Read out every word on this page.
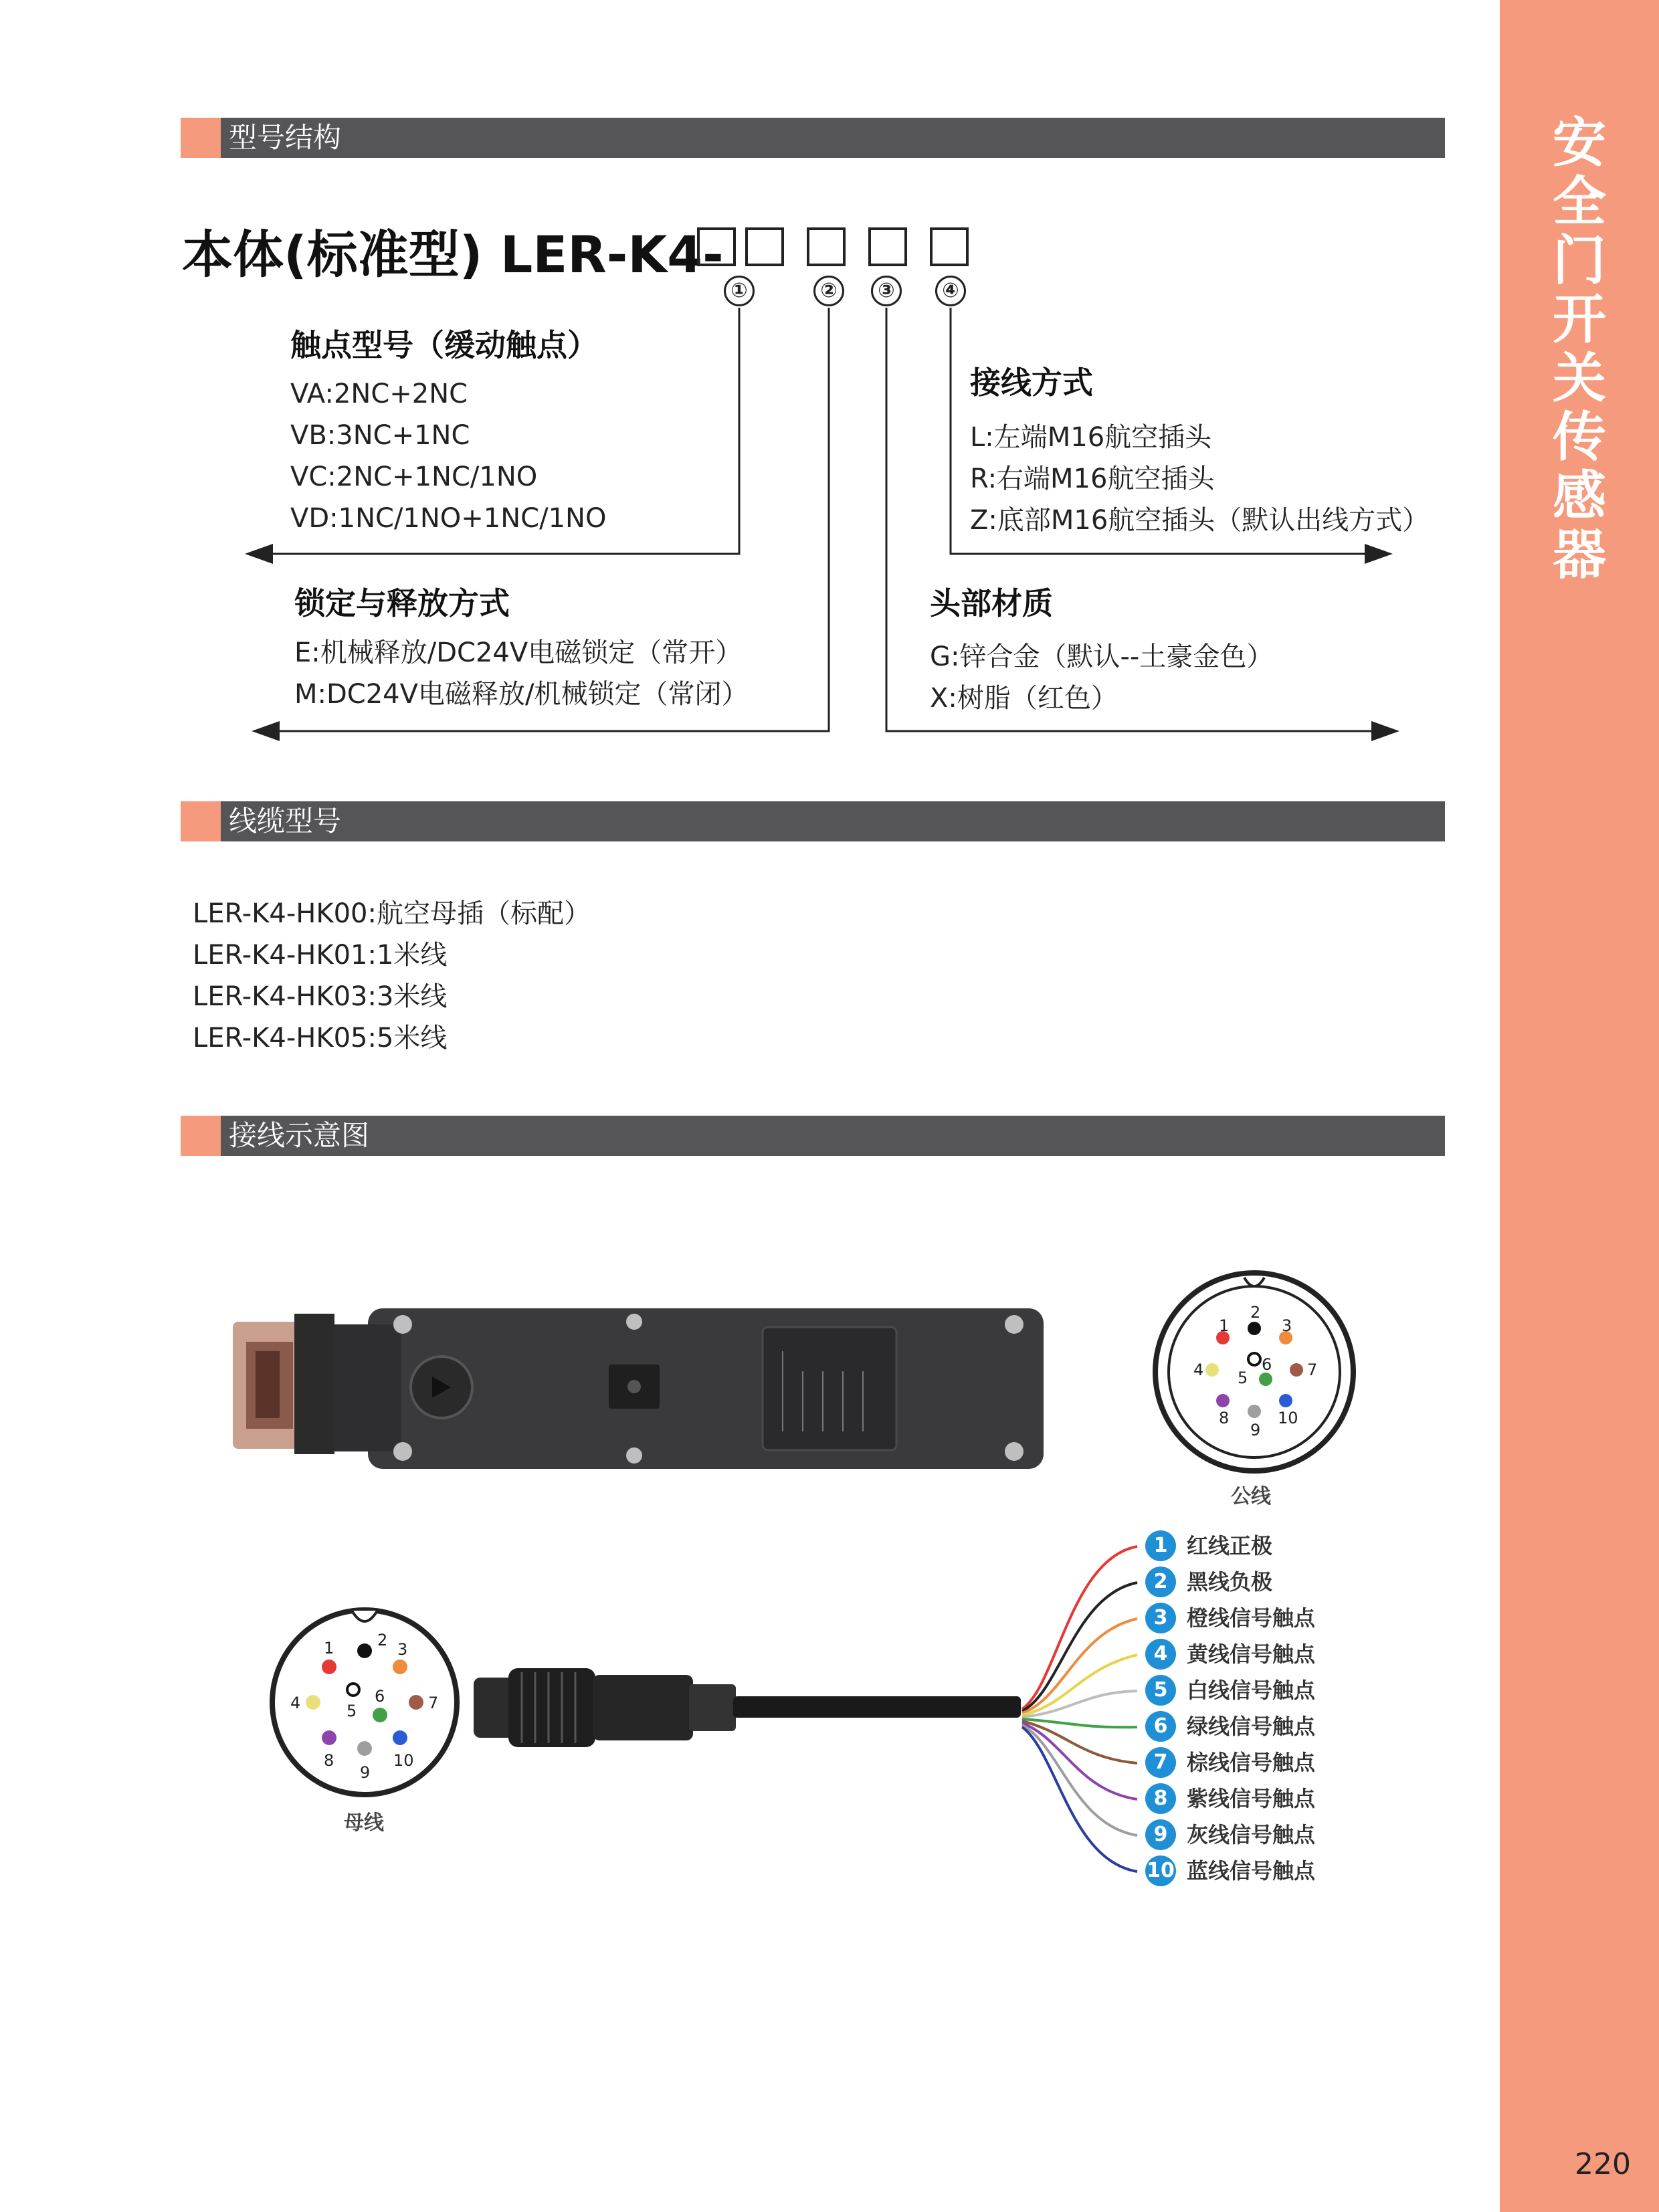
安
全
门
开
关
传
感
器
220
型号结构
本体(标准型) LER-K4-
①	②	③	④
触点型号（缓动触点）
VA:2NC+2NC
VB:3NC+1NC
VC:2NC+1NC/1NO
VD:1NC/1NO+1NC/1NO
接线方式
L:左端M16航空插头
R:右端M16航空插头
Z:底部M16航空插头（默认出线方式）
锁定与释放方式
E:机械释放/DC24V电磁锁定（常开）
M:DC24V电磁释放/机械锁定（常闭）
头部材质
G:锌合金（默认--土豪金色）
X:树脂（红色）
线缆型号
LER-K4-HK00:航空母插（标配）
LER-K4-HK01:1米线
LER-K4-HK03:3米线
LER-K4-HK05:5米线
接线示意图
公线
母线
1
2
3
4 5
6 7
8
9
10
1	2 3
4	5
6	7
8
9
10
1 红线正极
2 黑线负极
3 橙线信号触点
4 黄线信号触点
5 白线信号触点
6 绿线信号触点
7 棕线信号触点
8 紫线信号触点
9 灰线信号触点
10 蓝线信号触点
